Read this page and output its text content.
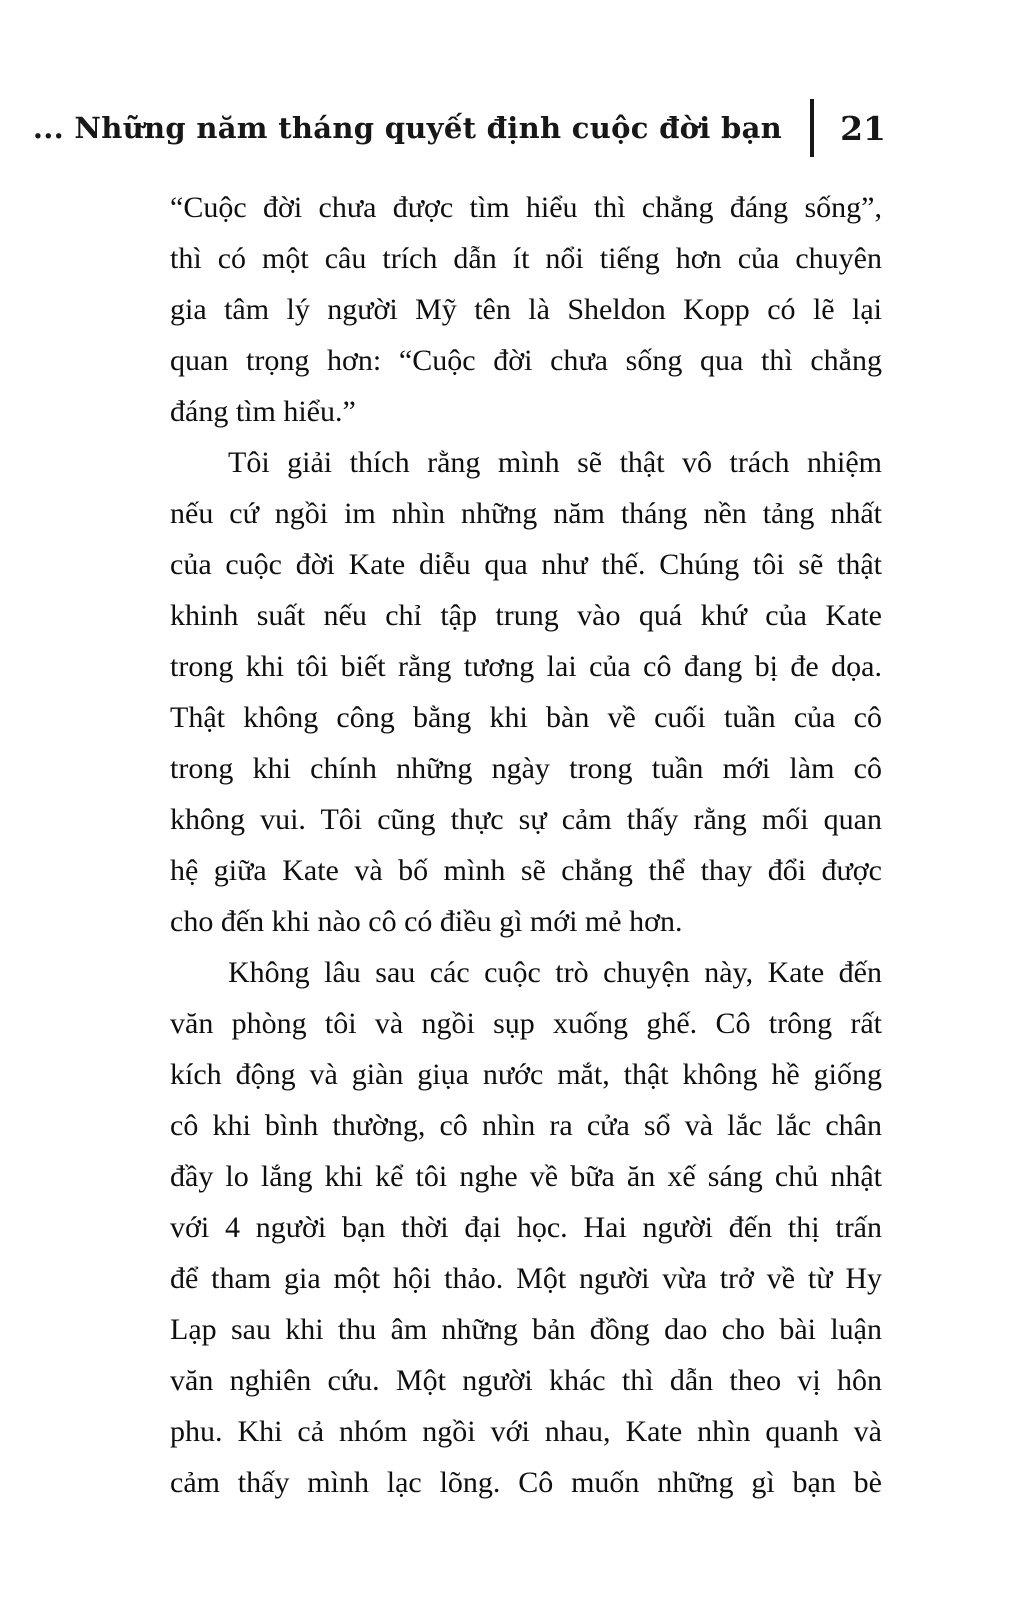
... Những năm tháng quyết định cuộc đời bạn 21
“Cuộc đời chưa được tìm hiểu thì chẳng đáng sống”,
thì có một câu trích dẫn ít nổi tiếng hơn của chuyên
gia tâm lý người Mỹ tên là Sheldon Kopp có lẽ lại
quan trọng hơn: “Cuộc đời chưa sống qua thì chẳng
đáng tìm hiểu.”
Tôi giải thích rằng mình sẽ thật vô trách nhiệm
nếu cứ ngồi im nhìn những năm tháng nền tảng nhất
của cuộc đời Kate diễu qua như thế. Chúng tôi sẽ thật
khinh suất nếu chỉ tập trung vào quá khứ của Kate
trong khi tôi biết rằng tương lai của cô đang bị đe dọa.
Thật không công bằng khi bàn về cuối tuần của cô
trong khi chính những ngày trong tuần mới làm cô
không vui. Tôi cũng thực sự cảm thấy rằng mối quan
hệ giữa Kate và bố mình sẽ chẳng thể thay đổi được
cho đến khi nào cô có điều gì mới mẻ hơn.
Không lâu sau các cuộc trò chuyện này, Kate đến
văn phòng tôi và ngồi sụp xuống ghế. Cô trông rất
kích động và giàn giụa nước mắt, thật không hề giống
cô khi bình thường, cô nhìn ra cửa sổ và lắc lắc chân
đầy lo lắng khi kể tôi nghe về bữa ăn xế sáng chủ nhật
với 4 người bạn thời đại học. Hai người đến thị trấn
để tham gia một hội thảo. Một người vừa trở về từ Hy
Lạp sau khi thu âm những bản đồng dao cho bài luận
văn nghiên cứu. Một người khác thì dẫn theo vị hôn
phu. Khi cả nhóm ngồi với nhau, Kate nhìn quanh và
cảm thấy mình lạc lõng. Cô muốn những gì bạn bè
